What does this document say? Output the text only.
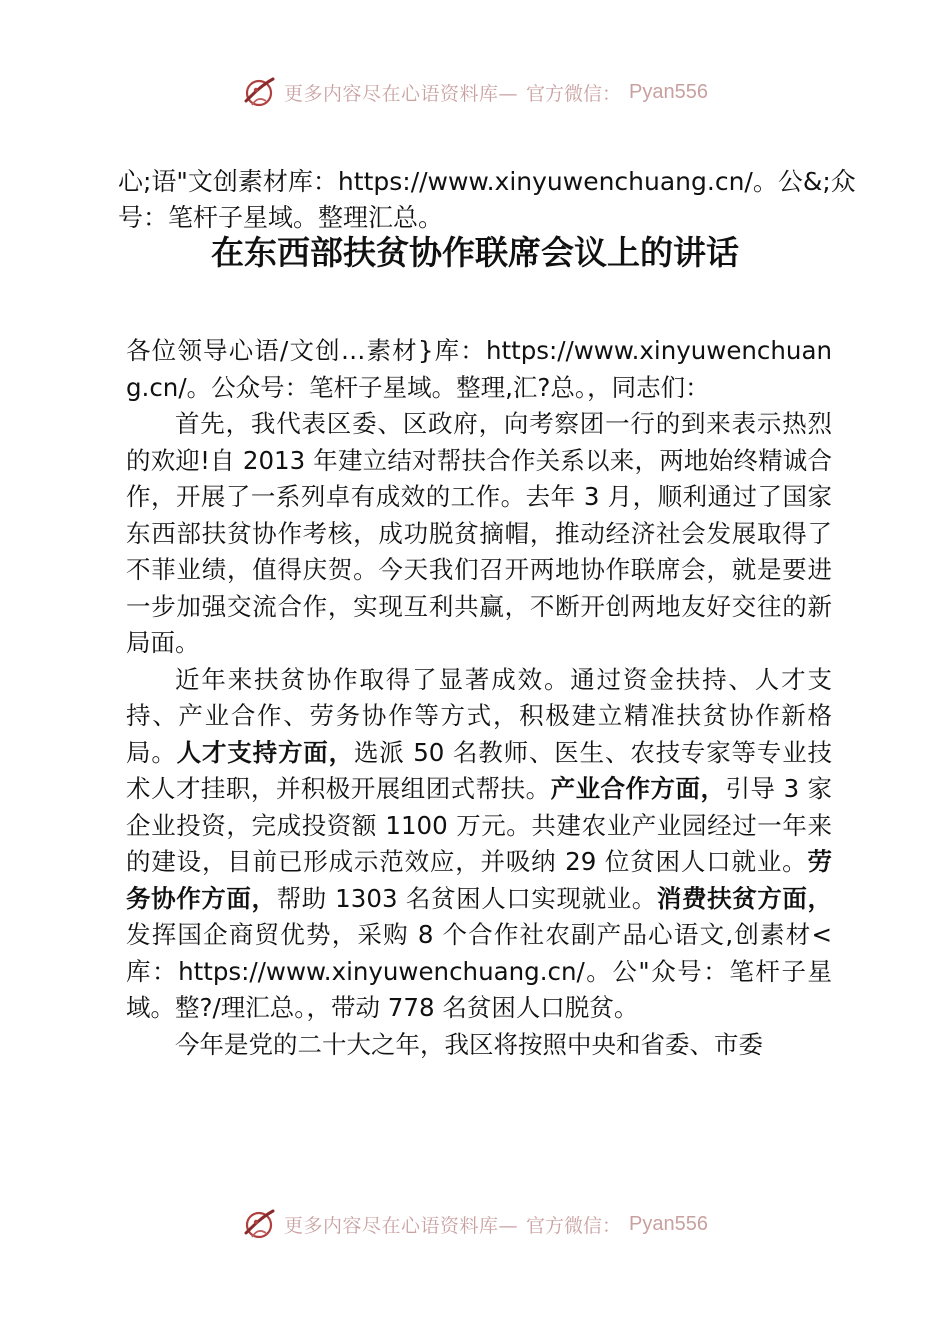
更多内容尽在心语资料库— 官方微信： Pyan556

心;语"文创素材库：https://www.xinyuwenchuang.cn/。公&;众号：笔杆子星域。整理汇总。

在东西部扶贫协作联席会议上的讲话

各位领导心语/文创…素材}库：https://www.xinyuwenchuang.cn/。公众号：笔杆子星域。整理,汇?总。，同志们：

首先，我代表区委、区政府，向考察团一行的到来表示热烈的欢迎!自 2013 年建立结对帮扶合作关系以来，两地始终精诚合作，开展了一系列卓有成效的工作。去年 3 月，顺利通过了国家东西部扶贫协作考核，成功脱贫摘帽，推动经济社会发展取得了不菲业绩，值得庆贺。今天我们召开两地协作联席会，就是要进一步加强交流合作，实现互利共赢，不断开创两地友好交往的新局面。

近年来扶贫协作取得了显著成效。通过资金扶持、人才支持、产业合作、劳务协作等方式，积极建立精准扶贫协作新格局。人才支持方面，选派 50 名教师、医生、农技专家等专业技术人才挂职，并积极开展组团式帮扶。产业合作方面，引导 3 家企业投资，完成投资额 1100 万元。共建农业产业园经过一年来的建设，目前已形成示范效应，并吸纳 29 位贫困人口就业。劳务协作方面，帮助 1303 名贫困人口实现就业。消费扶贫方面，发挥国企商贸优势，采购 8 个合作社农副产品心语文,创素材<库：https://www.xinyuwenchuang.cn/。公"众号：笔杆子星域。整?/理汇总。，带动 778 名贫困人口脱贫。

今年是党的二十大之年，我区将按照中央和省委、市委

更多内容尽在心语资料库— 官方微信： Pyan556
